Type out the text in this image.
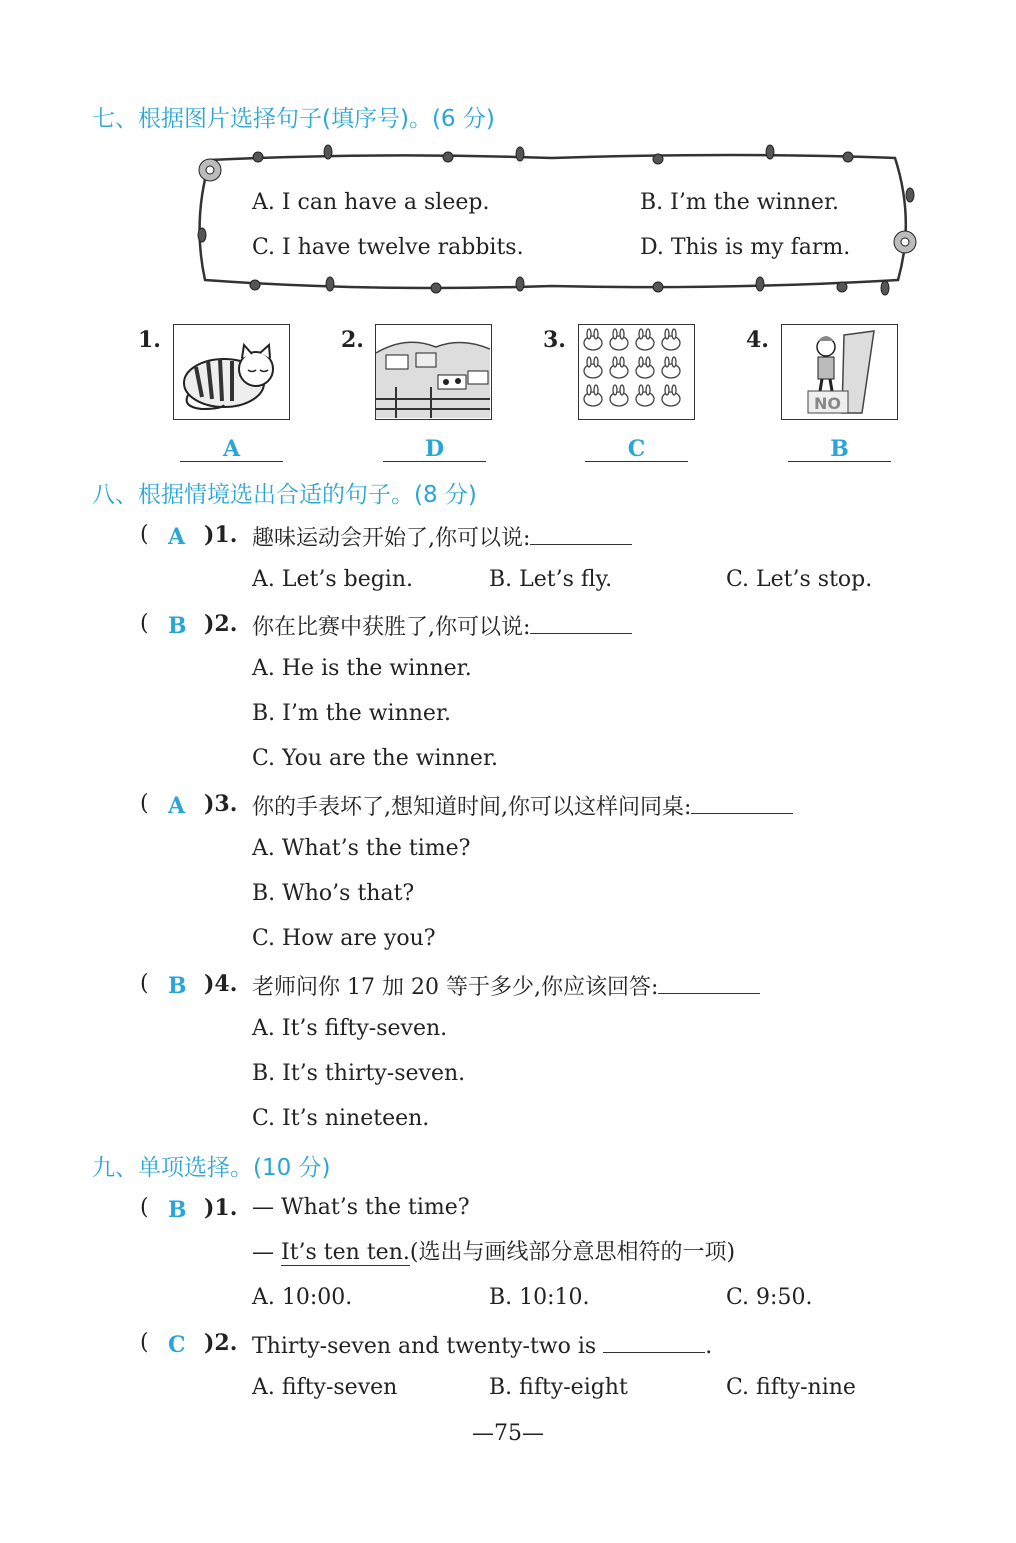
七、根据图片选择句子(填序号)。(6 分)
A. I can have a sleep.	B. I’m the winner.
C. I have twelve rabbits.	D. This is my farm.
1.
A
2.
D
3.
C
4.
NO
B
八、根据情境选出合适的句子。(8 分)
( A )1. 趣味运动会开始了,你可以说:
A. Let’s begin.	B. Let’s fly.	C. Let’s stop.
( B )2. 你在比赛中获胜了,你可以说:
A. He is the winner.
B. I’m the winner.
C. You are the winner.
( A )3. 你的手表坏了,想知道时间,你可以这样问同桌:
A. What’s the time?
B. Who’s that?
C. How are you?
( B )4. 老师问你 17 加 20 等于多少,你应该回答:
A. It’s fifty-seven.
B. It’s thirty-seven.
C. It’s nineteen.
九、单项选择。(10 分)
( B )1. — What’s the time?
— It’s ten ten.(选出与画线部分意思相符的一项)
A. 10:00.	B. 10:10.	C. 9:50.
( C )2. Thirty-seven and twenty-two is	.
A. fifty-seven	B. fifty-eight	C. fifty-nine
—75—
